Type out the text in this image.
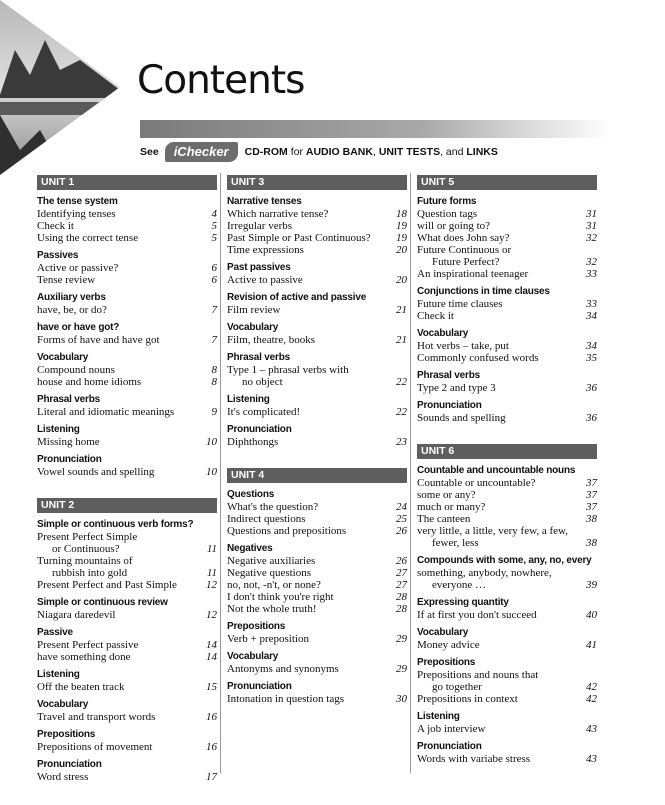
Contents
See	iChecker	CD-ROM
for
AUDIO BANK , UNIT TESTS , and
LINKS
UNIT 1
The tense system
Identifying tenses	4
Check it	5
Using the correct tense	5
Passives
Active or passive?	6
Tense review	6
Auxiliary verbs
have, be, or do?	7
have or have got?
Forms of have and have got	7
Vocabulary
Compound nouns	8
house and home idioms	8
Phrasal verbs
Literal and idiomatic meanings	9
Listening
Missing home	10
Pronunciation
Vowel sounds and spelling	10
UNIT 2
Simple or continuous verb forms?
Present Perfect Simple
or Continuous?	11
Turning mountains of
rubbish into gold	11
Present Perfect and Past Simple	12
Simple or continuous review
Niagara daredevil	12
Passive
Present Perfect passive	14
have something done	14
Listening
Off the beaten track	15
Vocabulary
Travel and transport words	16
Prepositions
Prepositions of movement	16
Pronunciation
Word stress	17
UNIT 3
Narrative tenses
Which narrative tense?	18
Irregular verbs	19
Past Simple or Past Continuous? 19
Time expressions	20
Past passives
Active to passive	20
Revision of active and passive
Film review	21
Vocabulary
Film, theatre, books	21
Phrasal verbs
Type 1 – phrasal verbs with
no object	22
Listening
It's complicated!	22
Pronunciation
Diphthongs	23
UNIT 4
Questions
What's the question?	24
Indirect questions	25
Questions and prepositions	26
Negatives
Negative auxiliaries	26
Negative questions	27
no, not, -n't, or none?	27
I don't think you're right	28
Not the whole truth!	28
Prepositions
Verb + preposition	29
Vocabulary
Antonyms and synonyms	29
Pronunciation
Intonation in question tags	30
UNIT 5
Future forms
Question tags	31
will or going to?	31
What does John say?	32
Future Continuous or
Future Perfect?	32
An inspirational teenager	33
Conjunctions in time clauses
Future time clauses	33
Check it	34
Vocabulary
Hot verbs – take, put	34
Commonly confused words	35
Phrasal verbs
Type 2 and type 3	36
Pronunciation
Sounds and spelling	36
UNIT 6
Countable and uncountable nouns
Countable or uncountable?	37
some or any?	37
much or many?	37
The canteen	38
very little, a little, very few, a few,
fewer, less	38
Compounds with some, any, no, every
something, anybody, nowhere,
everyone …	39
Expressing quantity
If at first you don't succeed	40
Vocabulary
Money advice	41
Prepositions
Prepositions and nouns that
go together	42
Prepositions in context	42
Listening
A job interview	43
Pronunciation
Words with variabe stress	43
